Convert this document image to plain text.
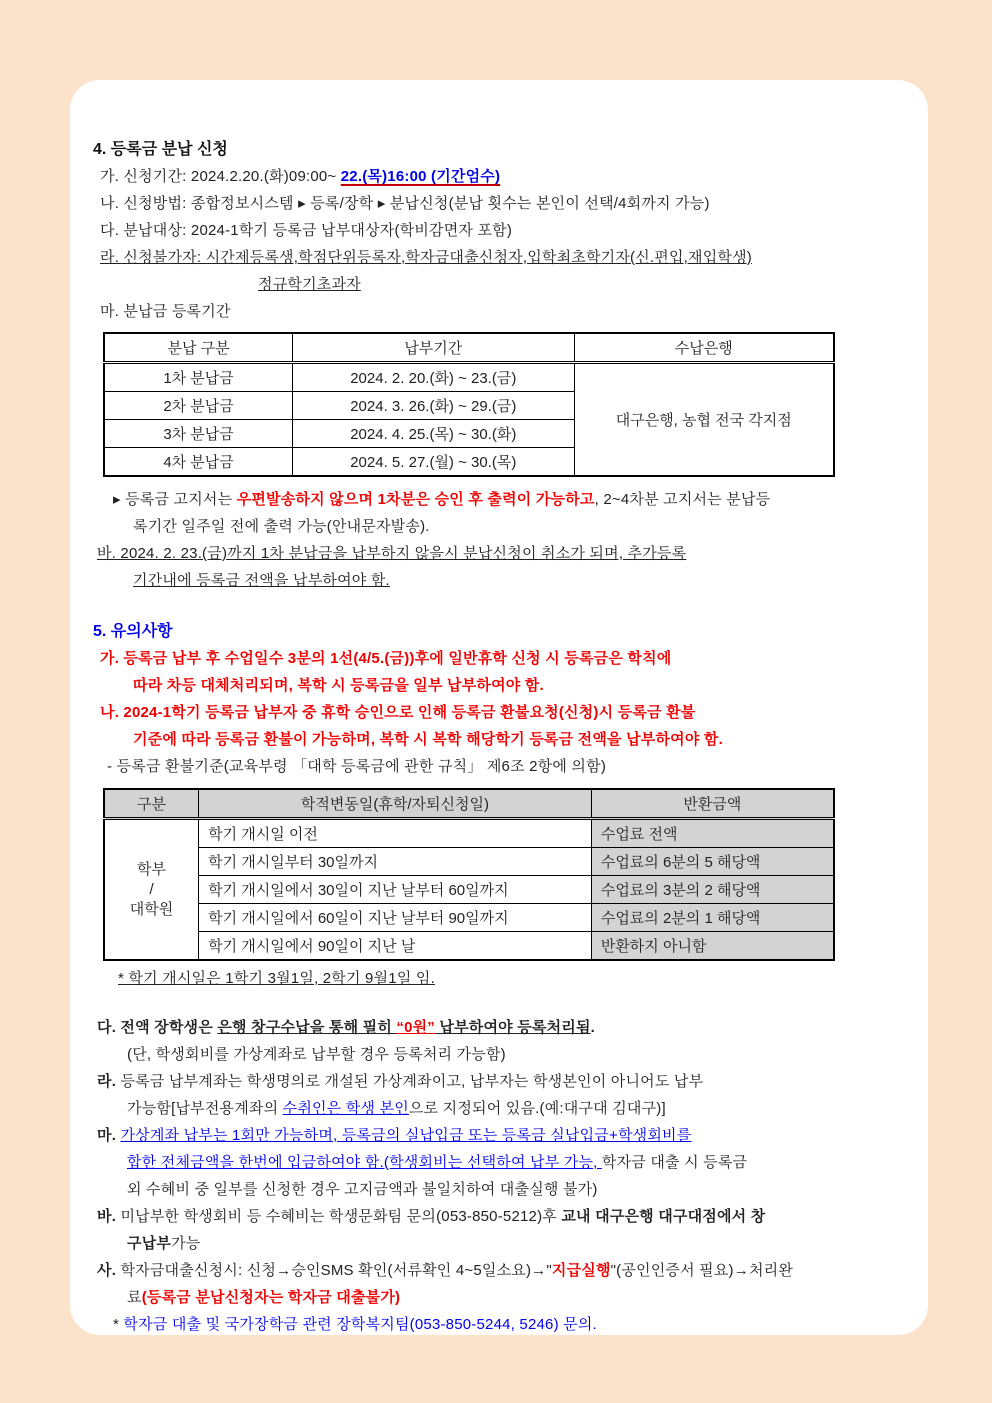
4. 등록금 분납 신청
가. 신청기간: 2024.2.20.(화)09:00~ 22.(목)16:00 (기간엄수)
나. 신청방법: 종합정보시스템 ▸ 등록/장학 ▸ 분납신청(분납 횟수는 본인이 선택/4회까지 가능)
다. 분납대상: 2024-1학기 등록금 납부대상자(학비감면자 포함)
라. 신청불가자: 시간제등록생,학점단위등록자,학자금대출신청자,입학최초학기자(신.편입,재입학생)
정규학기초과자
마. 분납금 등록기간
분납 구분	납부기간	수납은행
1차 분납금	2024. 2. 20.(화) ~ 23.(금)	대구은행, 농협 전국 각지점
2차 분납금	2024. 3. 26.(화) ~ 29.(금)	
3차 분납금	2024. 4. 25.(목) ~ 30.(화)	
4차 분납금	2024. 5. 27.(월) ~ 30.(목)	
▸ 등록금 고지서는 우편발송하지 않으며 1차분은 승인 후 출력이 가능하고, 2~4차분 고지서는 분납등
록기간 일주일 전에 출력 가능(안내문자발송).
바. 2024. 2. 23.(금)까지 1차 분납금을 납부하지 않을시 분납신청이 취소가 되며, 추가등록
기간내에 등록금 전액을 납부하여야 함.
5. 유의사항
가. 등록금 납부 후 수업일수 3분의 1선(4/5.(금))후에 일반휴학 신청 시 등록금은 학칙에
따라 차등 대체처리되며, 복학 시 등록금을 일부 납부하여야 함.
나. 2024-1학기 등록금 납부자 중 휴학 승인으로 인해 등록금 환불요청(신청)시 등록금 환불
기준에 따라 등록금 환불이 가능하며, 복학 시 복학 해당학기 등록금 전액을 납부하여야 함.
- 등록금 환불기준(교육부령 「대학 등록금에 관한 규칙」 제6조 2항에 의함)
구분	학적변동일(휴학/자퇴신청일)	반환금액

학부
/
대학원	학기 개시일 이전	수업료 전액
	학기 개시일부터 30일까지	수업료의 6분의 5 해당액
	학기 개시일에서 30일이 지난 날부터 60일까지	수업료의 3분의 2 해당액
	학기 개시일에서 60일이 지난 날부터 90일까지	수업료의 2분의 1 해당액
	학기 개시일에서 90일이 지난 날	반환하지 아니함
* 학기 개시일은 1학기 3월1일, 2학기 9월1일 임.
다. 전액 장학생은 은행 창구수납을 통해 필히 “0원” 납부하여야 등록처리됨.
(단, 학생회비를 가상계좌로 납부할 경우 등록처리 가능함)
라. 등록금 납부계좌는 학생명의로 개설된 가상계좌이고, 납부자는 학생본인이 아니어도 납부
가능함[납부전용계좌의 수취인은 학생 본인으로 지정되어 있음.(예:대구대 김대구)]
마. 가상계좌 납부는 1회만 가능하며, 등록금의 실납입금 또는 등록금 실납입금+학생회비를
합한 전체금액을 한번에 입금하여야 함.(학생회비는 선택하여 납부 가능, 학자금 대출 시 등록금
외 수혜비 중 일부를 신청한 경우 고지금액과 불일치하여 대출실행 불가)
바. 미납부한 학생회비 등 수혜비는 학생문화팀 문의(053-850-5212)후 교내 대구은행 대구대점에서 창
구납부가능
사. 학자금대출신청시: 신청→승인SMS 확인(서류확인 4~5일소요)→"지급실행"(공인인증서 필요)→처리완
료(등록금 분납신청자는 학자금 대출불가)
* 학자금 대출 및 국가장학금 관련 장학복지팀(053-850-5244, 5246) 문의.
